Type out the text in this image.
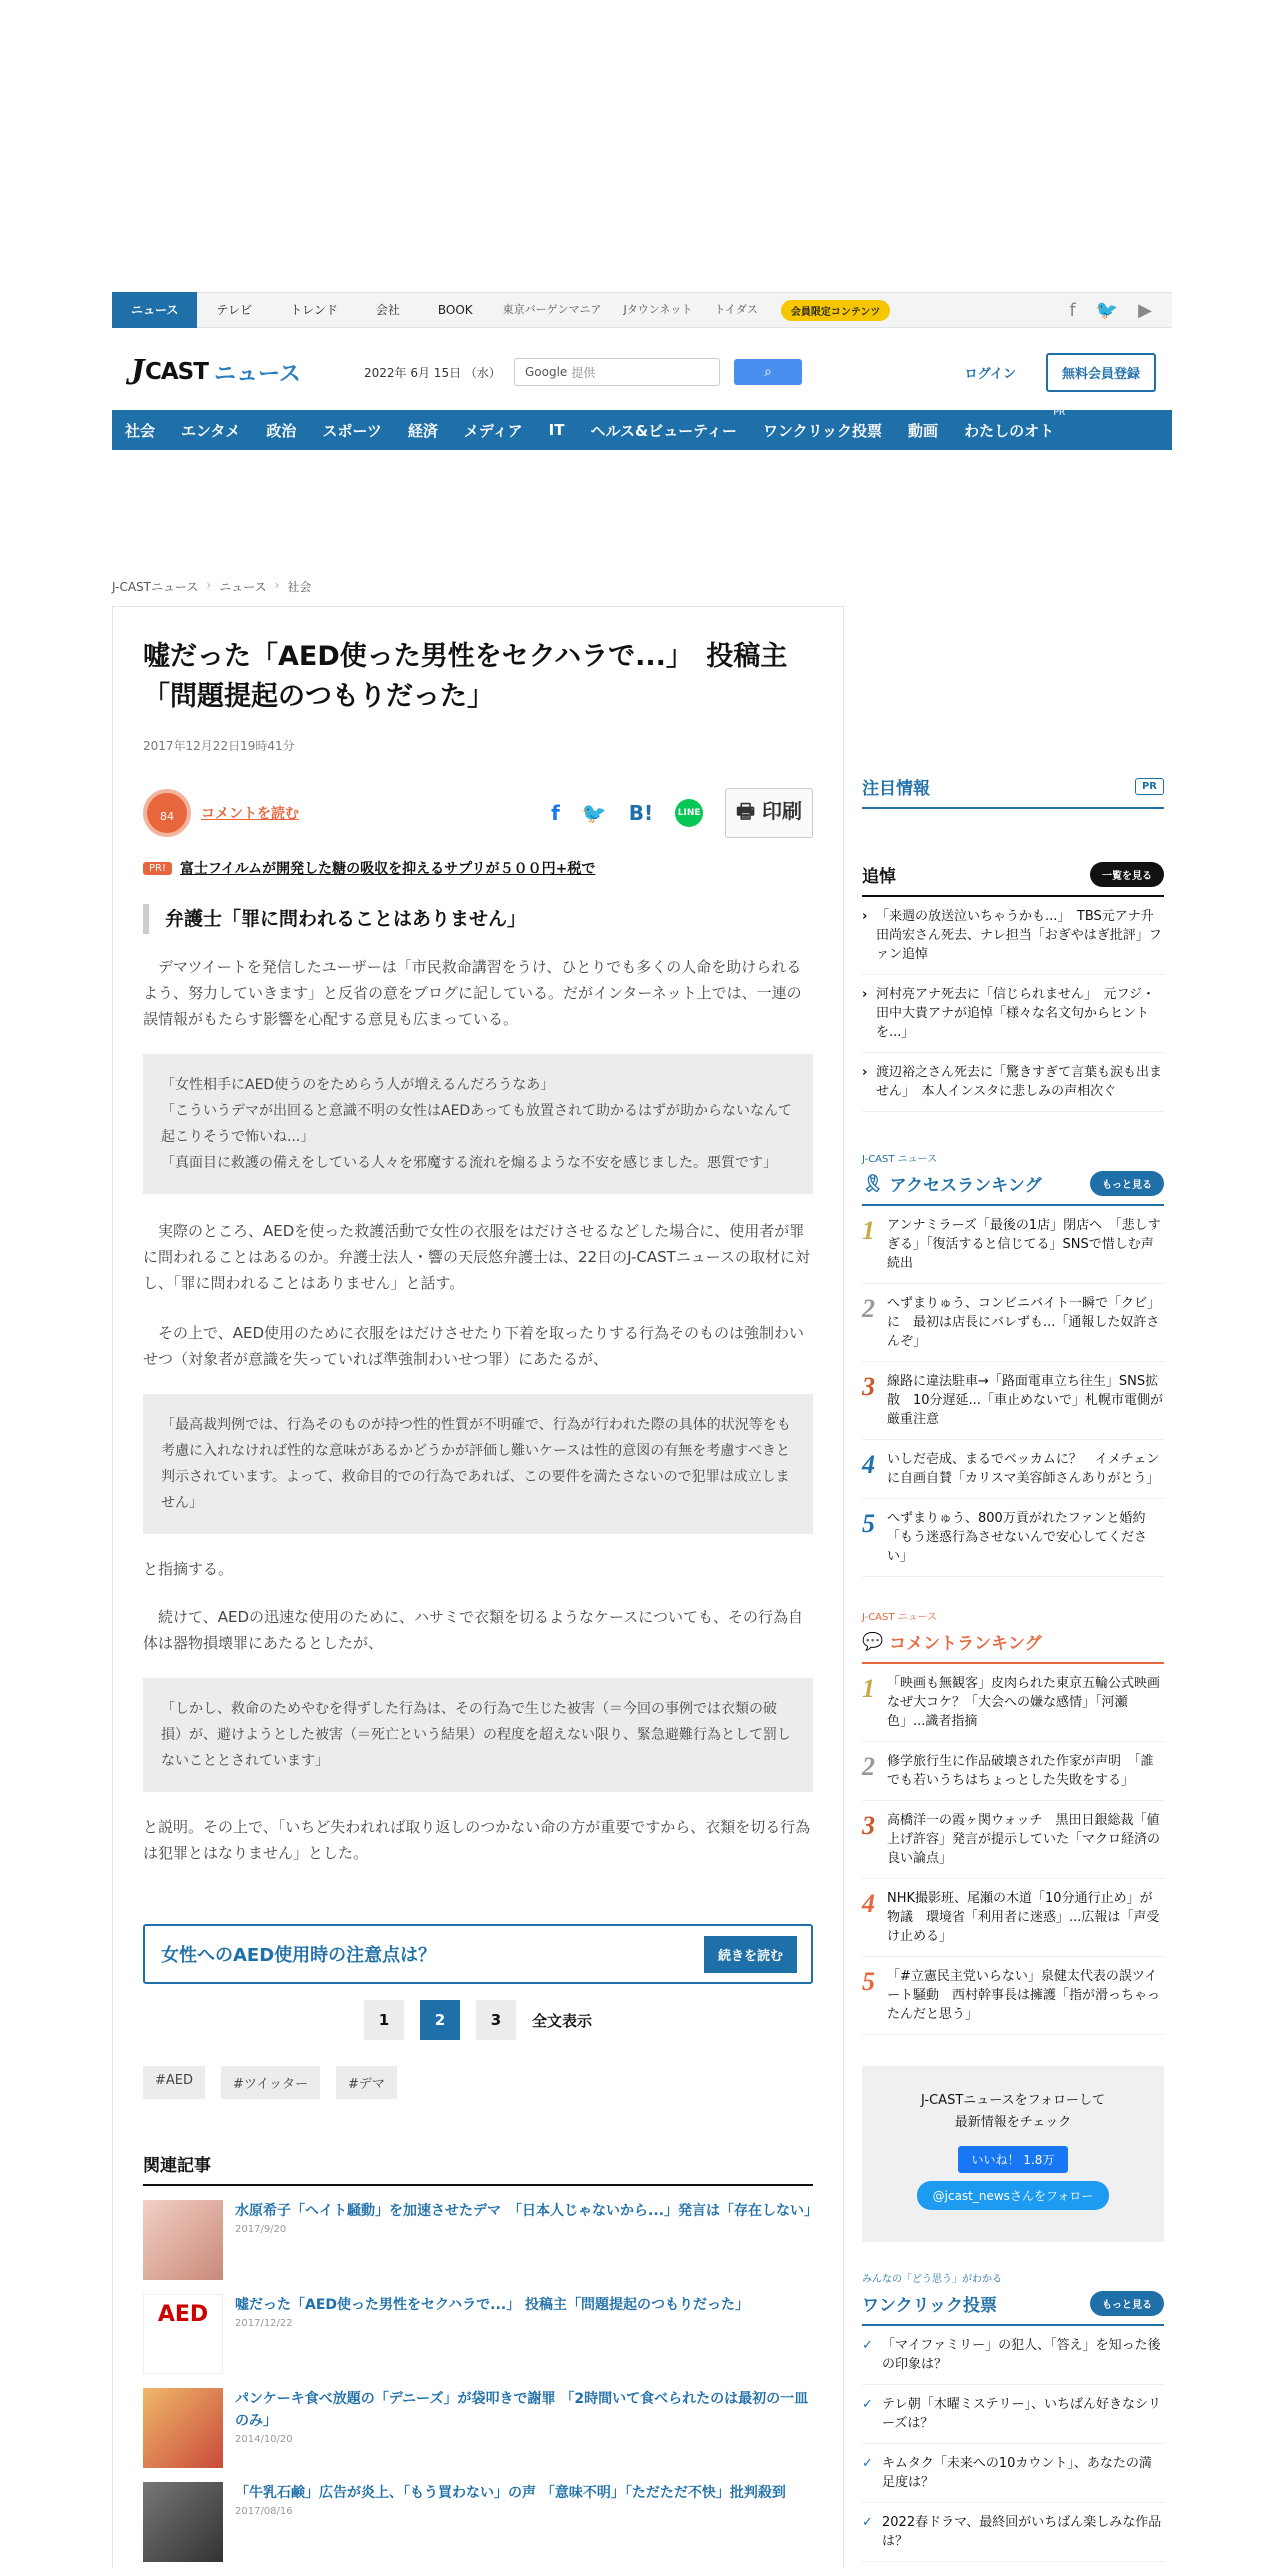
ニュース	テレビ	トレンド	会社	BOOK	東京バーゲンマニア	Jタウンネット	トイダス	会員限定コンテンツ	f 🐦 ▶
J CAST ニュース	2022年 6月 15日 （水）	Google 提供	⌕	ログイン	無料会員登録
社会	エンタメ	政治	スポーツ	経済	メディア	IT	ヘルス&ビューティー	ワンクリック投票	動画	わたしのオト
PR
J-CASTニュース › ニュース › 社会
嘘だった「AED使った男性をセクハラで...」　投稿主「問題提起のつもりだった」
2017年12月22日19時41分
84	コメントを読む	f 🐦 B!	LINE	🖶 印刷
PR!	富士フイルムが開発した糖の吸収を抑えるサプリが５００円+税で
弁護士「罪に問われることはありません」

デマツイートを発信したユーザーは「市民救命講習をうけ、ひとりでも多くの人命を助けられるよう、努力していきます」と反省の意をブログに記している。だがインターネット上では、一連の誤情報がもたらす影響を心配する意見も広まっている。

「女性相手にAED使うのをためらう人が増えるんだろうなあ」
「こういうデマが出回ると意識不明の女性はAEDあっても放置されて助かるはずが助からないなんて起こりそうで怖いね...」
「真面目に救護の備えをしている人々を邪魔する流れを煽るような不安を感じました。悪質です」

実際のところ、AEDを使った救護活動で女性の衣服をはだけさせるなどした場合に、使用者が罪に問われることはあるのか。弁護士法人・響の天辰悠弁護士は、22日のJ-CASTニュースの取材に対し、「罪に問われることはありません」と話す。

その上で、AED使用のために衣服をはだけさせたり下着を取ったりする行為そのものは強制わいせつ（対象者が意識を失っていれば準強制わいせつ罪）にあたるが、

「最高裁判例では、行為そのものが持つ性的性質が不明確で、行為が行われた際の具体的状況等をも考慮に入れなければ性的な意味があるかどうかが評価し難いケースは性的意図の有無を考慮すべきと判示されています。よって、救命目的での行為であれば、この要件を満たさないので犯罪は成立しません」

と指摘する。

続けて、AEDの迅速な使用のために、ハサミで衣類を切るようなケースについても、その行為自体は器物損壊罪にあたるとしたが、

「しかし、救命のためやむを得ずした行為は、その行為で生じた被害（＝今回の事例では衣類の破損）が、避けようとした被害（＝死亡という結果）の程度を超えない限り、緊急避難行為として罰しないこととされています」

と説明。その上で、「いちど失われれば取り返しのつかない命の方が重要ですから、衣類を切る行為は犯罪とはなりません」とした。

女性へのAED使用時の注意点は？	続きを読む
1	2	3	全文表示
#AED	#ツイッター	#デマ
関連記事
水原希子「ヘイト騒動」を加速させたデマ　「日本人じゃないから...」発言は「存在しない」
2017/9/20
AED	嘘だった「AED使った男性をセクハラで...」 投稿主「問題提起のつもりだった」
2017/12/22
パンケーキ食べ放題の「デニーズ」が袋叩きで謝罪 「2時間いて食べられたのは最初の一皿のみ」
2014/10/20
「牛乳石鹸」広告が炎上、「もう買わない」の声 「意味不明」「ただただ不快」批判殺到
2017/08/16
注目情報	PR
追悼	一覧を見る
› 「来週の放送泣いちゃうかも...」　TBS元アナ升田尚宏さん死去、ナレ担当「おぎやはぎ批評」ファン追悼
› 河村亮アナ死去に「信じられません」　元フジ・田中大貴アナが追悼「様々な名文句からヒントを...」
› 渡辺裕之さん死去に「驚きすぎて言葉も涙も出ません」　本人インスタに悲しみの声相次ぐ
J-CAST ニュース
🎗 アクセスランキング	もっと見る
1 アンナミラーズ「最後の1店」閉店へ　「悲しすぎる」「復活すると信じてる」SNSで惜しむ声続出
2 へずまりゅう、コンビニバイト一瞬で「クビ」に　最初は店長にバレずも...「通報した奴許さんぞ」
3 線路に違法駐車→「路面電車立ち往生」SNS拡散　10分遅延...「車止めないで」札幌市電側が厳重注意
4 いしだ壱成、まるでベッカムに？　イメチェンに自画自賛「カリスマ美容師さんありがとう」
5 へずまりゅう、800万貢がれたファンと婚約　「もう迷惑行為させないんで安心してください」
J-CAST ニュース
💬 コメントランキング
1 「映画も無観客」皮肉られた東京五輪公式映画　なぜ大コケ？「大会への嫌な感情」「河瀬色」...識者指摘
2 修学旅行生に作品破壊された作家が声明　「誰でも若いうちはちょっとした失敗をする」
3 高橋洋一の霞ヶ関ウォッチ　黒田日銀総裁「値上げ許容」発言が提示していた「マクロ経済の良い論点」
4 NHK撮影班、尾瀬の木道「10分通行止め」が物議　環境省「利用者に迷惑」...広報は「声受け止める」
5 「#立憲民主党いらない」泉健太代表の誤ツイート騒動　西村幹事長は擁護「指が滑っちゃったんだと思う」
J-CASTニュースをフォローして
最新情報をチェック
いいね！ 1.8万
@jcast_newsさんをフォロー
みんなの「どう思う」がわかる
ワンクリック投票	もっと見る
✓ 「マイファミリー」の犯人、「答え」を知った後の印象は？
✓ テレ朝「木曜ミステリー」、いちばん好きなシリーズは？
✓ キムタク「未来への10カウント」、あなたの満足度は？
✓ 2022春ドラマ、最終回がいちばん楽しみな作品は？
